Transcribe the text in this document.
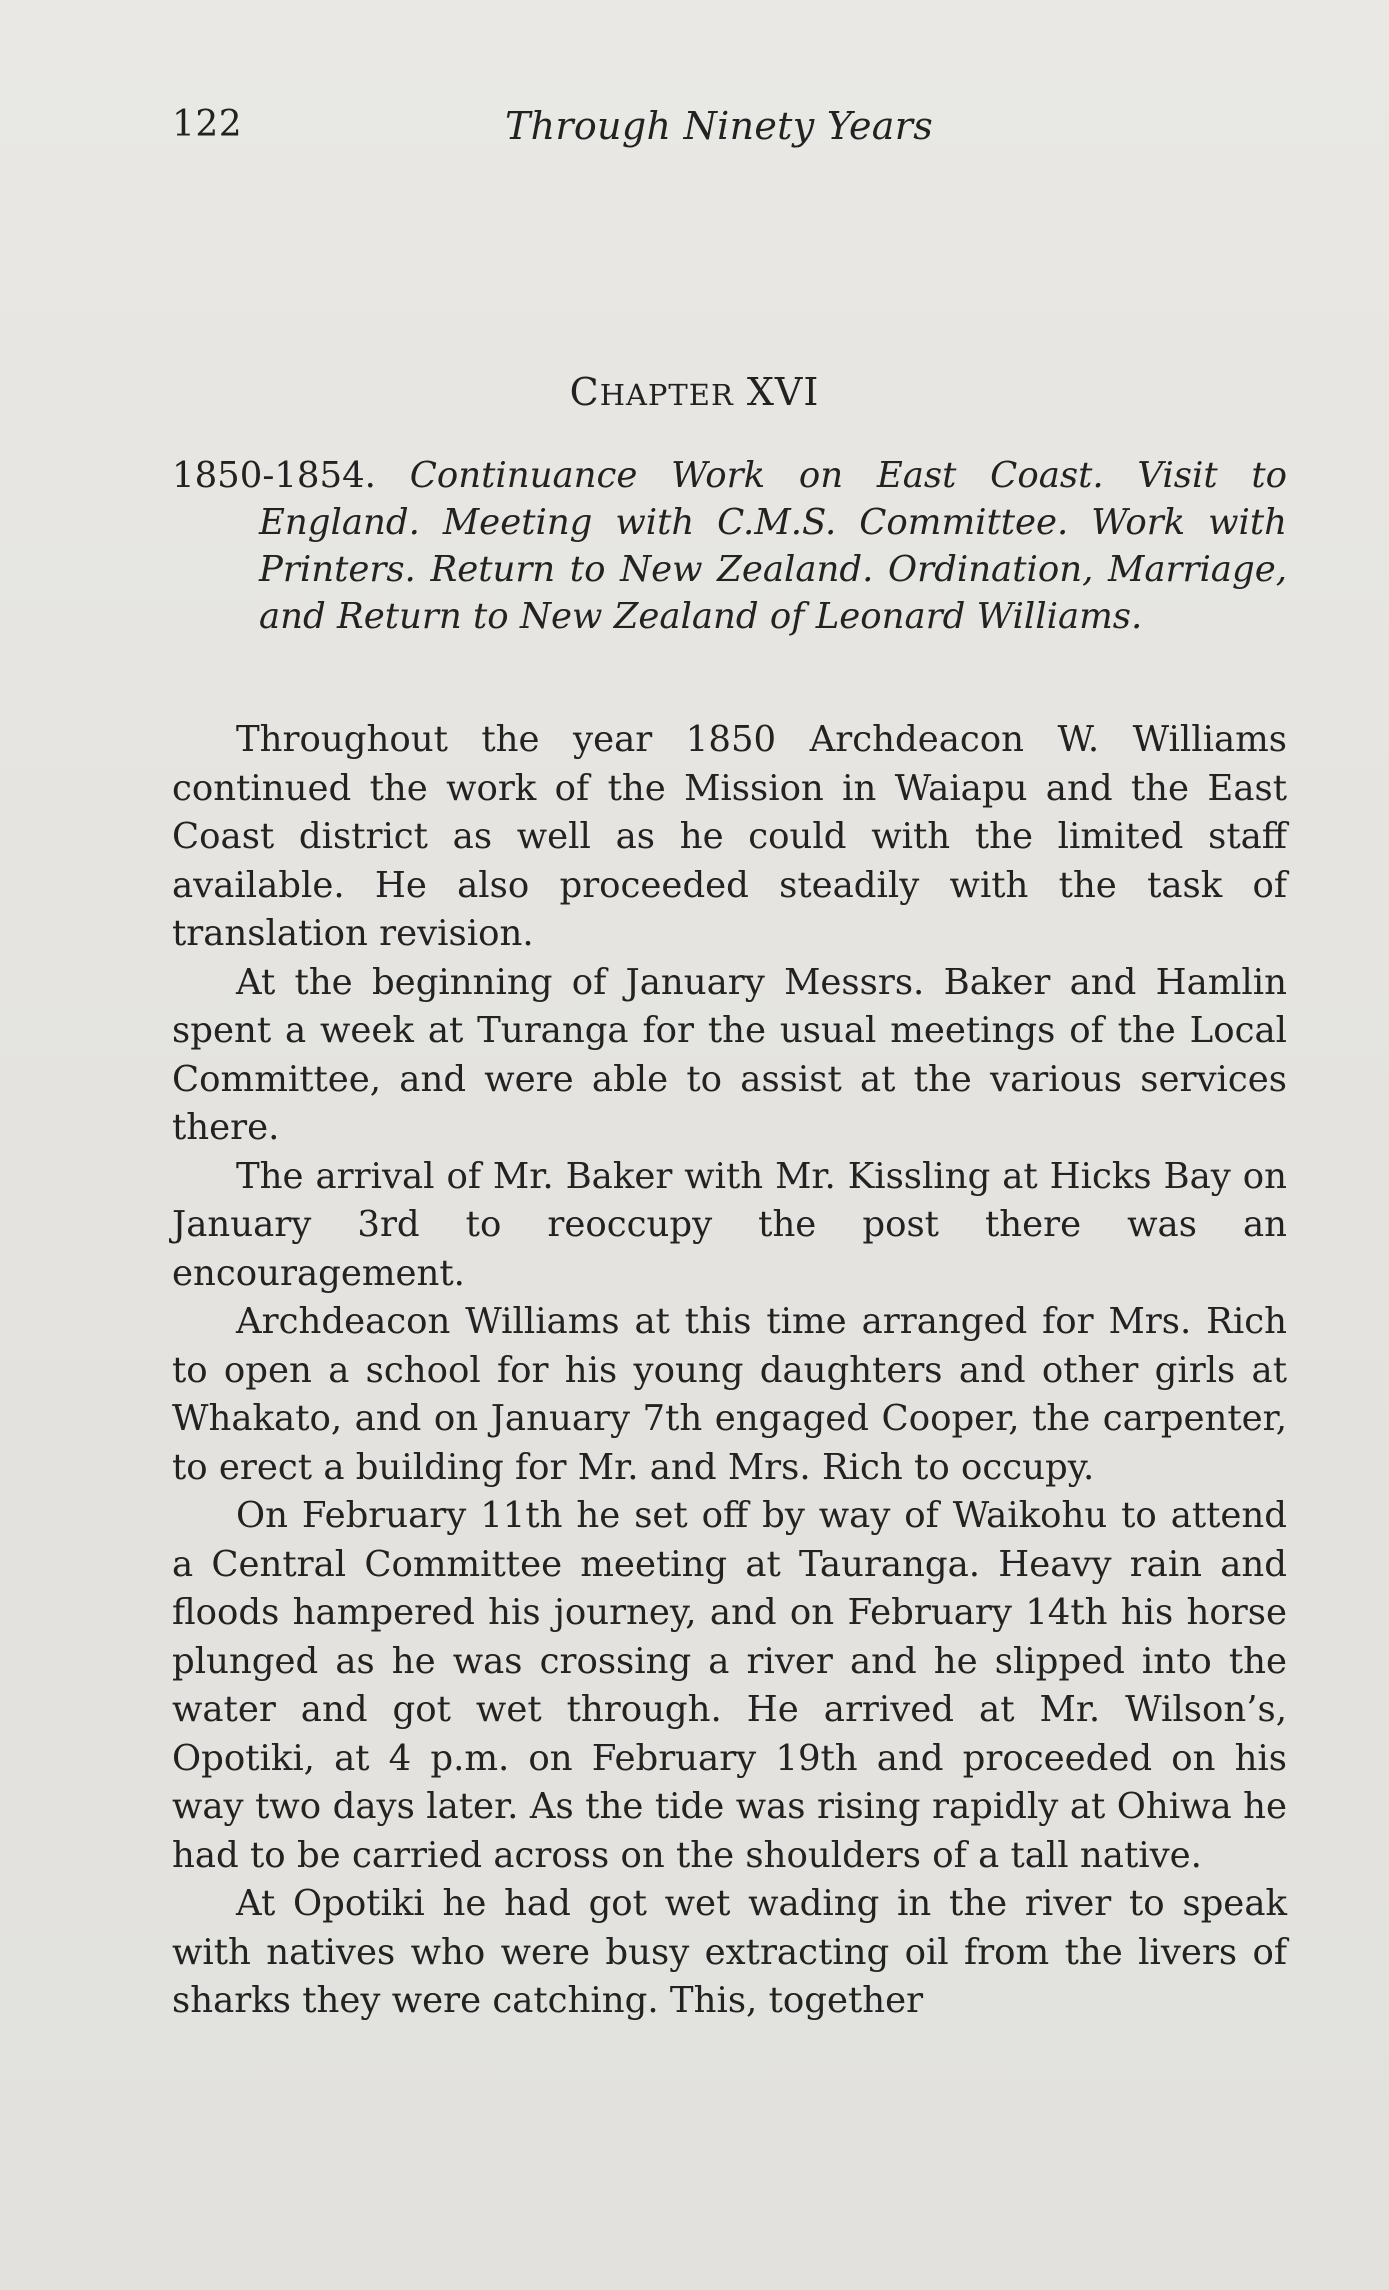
122	Through Ninety Years
CHAPTER XVI
1850-1854. Continuance Work on East Coast. Visit to England. Meeting with C.M.S. Committee. Work with Printers. Return to New Zealand. Ordination, Marriage, and Return to New Zealand of Leonard Williams.

Throughout the year 1850 Archdeacon W. Williams continued the work of the Mission in Waiapu and the East Coast district as well as he could with the limited staff available. He also proceeded steadily with the task of translation revision.

At the beginning of January Messrs. Baker and Hamlin spent a week at Turanga for the usual meetings of the Local Committee, and were able to assist at the various services there.

The arrival of Mr. Baker with Mr. Kissling at Hicks Bay on January 3rd to reoccupy the post there was an encouragement.

Archdeacon Williams at this time arranged for Mrs. Rich to open a school for his young daughters and other girls at Whakato, and on January 7th engaged Cooper, the carpenter, to erect a building for Mr. and Mrs. Rich to occupy.

On February 11th he set off by way of Waikohu to attend a Central Committee meeting at Tauranga. Heavy rain and floods hampered his journey, and on February 14th his horse plunged as he was crossing a river and he slipped into the water and got wet through. He arrived at Mr. Wilson’s, Opotiki, at 4 p.m. on February 19th and proceeded on his way two days later. As the tide was rising rapidly at Ohiwa he had to be carried across on the shoulders of a tall native.

At Opotiki he had got wet wading in the river to speak with natives who were busy extracting oil from the livers of sharks they were catching. This, together
